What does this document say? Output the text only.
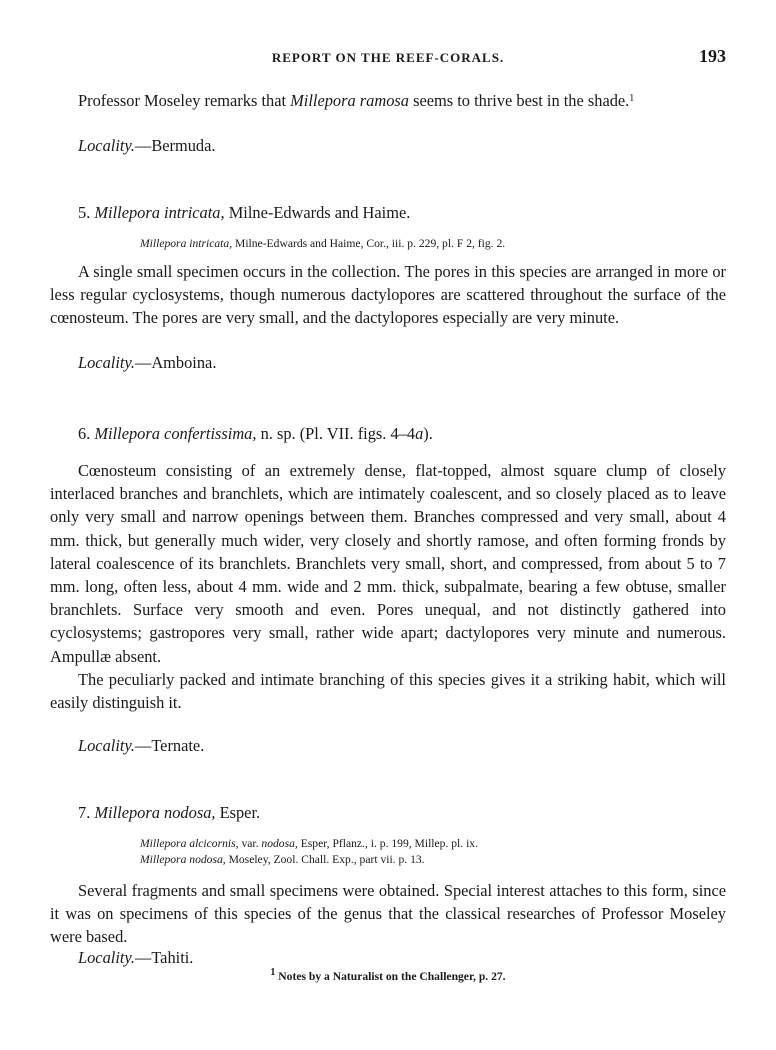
REPORT ON THE REEF-CORALS.	193

Professor Moseley remarks that Millepora ramosa seems to thrive best in the shade.$^1$

Locality.—Bermuda.
5. Millepora intricata, Milne-Edwards and Haime.
Millepora intricata, Milne-Edwards and Haime, Cor., iii. p. 229, pl. F 2, fig. 2.

A single small specimen occurs in the collection. The pores in this species are arranged in more or less regular cyclosystems, though numerous dactylopores are scattered throughout the surface of the cœnosteum. The pores are very small, and the dactylopores especially are very minute.

Locality.—Amboina.
6. Millepora confertissima, n. sp. (Pl. VII. figs. 4–4a).

Cœnosteum consisting of an extremely dense, flat-topped, almost square clump of closely interlaced branches and branchlets, which are intimately coalescent, and so closely placed as to leave only very small and narrow openings between them. Branches compressed and very small, about 4 mm. thick, but generally much wider, very closely and shortly ramose, and often forming fronds by lateral coalescence of its branchlets. Branchlets very small, short, and compressed, from about 5 to 7 mm. long, often less, about 4 mm. wide and 2 mm. thick, subpalmate, bearing a few obtuse, smaller branchlets. Surface very smooth and even. Pores unequal, and not distinctly gathered into cyclosystems; gastropores very small, rather wide apart; dactylopores very minute and numerous. Ampullæ absent.

The peculiarly packed and intimate branching of this species gives it a striking habit, which will easily distinguish it.

Locality.—Ternate.
7. Millepora nodosa, Esper.
Millepora alcicornis, var. nodosa, Esper, Pflanz., i. p. 199, Millep. pl. ix.
Millepora nodosa, Moseley, Zool. Chall. Exp., part vii. p. 13.

Several fragments and small specimens were obtained. Special interest attaches to this form, since it was on specimens of this species of the genus that the classical researches of Professor Moseley were based.

Locality.—Tahiti.
$^1$ Notes by a Naturalist on the Challenger, p. 27.
